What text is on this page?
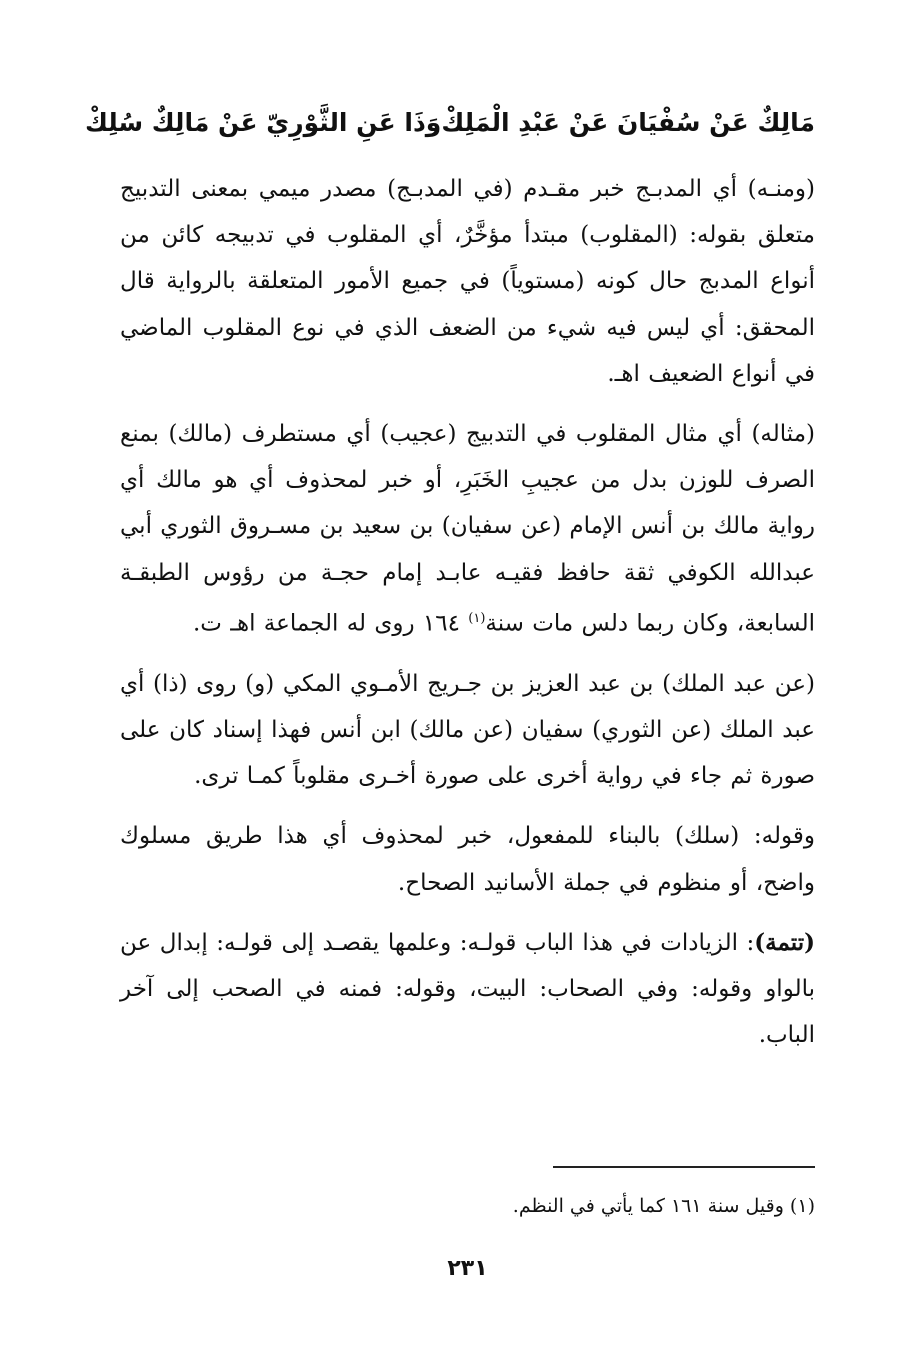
مَالِكٌ عَنْ سُفْيَانَ عَنْ عَبْدِ الْمَلِكْ
وَذَا عَنِ الثَّوْرِيّ عَنْ مَالِكٌ سُلِكْ

(ومنـه) أي المدبـج خبر مقـدم (في المدبـج) مصدر ميمي بمعنى التدبيج متعلق بقوله: (المقلوب) مبتدأ مؤخَّرٌ، أي المقلوب في تدبيجه كائن من أنواع المدبج حال كونه (مستوياً) في جميع الأمور المتعلقة بالرواية قال المحقق: أي ليس فيه شيء من الضعف الذي في نوع المقلوب الماضي في أنواع الضعيف اهـ.

(مثاله) أي مثال المقلوب في التدبيج (عجيب) أي مستطرف (مالك) بمنع الصرف للوزن بدل من عجيبِ الخَبَرِ، أو خبر لمحذوف أي هو مالك أي رواية مالك بن أنس الإمام (عن سفيان) بن سعيد بن مسـروق الثوري أبي عبدالله الكوفي ثقة حافظ فقيـه عابـد إمام حجـة من رؤوس الطبقـة السابعة، وكان ربما دلس مات سنة$^{(١)}$ ١٦٤ روى له الجماعة اهـ ت.

(عن عبد الملك) بن عبد العزيز بن جـريج الأمـوي المكي (و) روى (ذا) أي عبد الملك (عن الثوري) سفيان (عن مالك) ابن أنس فهذا إسناد كان على صورة ثم جاء في رواية أخرى على صورة أخـرى مقلوباً كمـا ترى.

وقوله: (سلك) بالبناء للمفعول، خبر لمحذوف أي هذا طريق مسلوك واضح، أو منظوم في جملة الأسانيد الصحاح.

(تتمة): الزيادات في هذا الباب قولـه: وعلمها يقصـد إلى قولـه: إبدال عن بالواو وقوله: وفي الصحاب: البيت، وقوله: فمنه في الصحب إلى آخر الباب.

(١) وقيل سنة ١٦١ كما يأتي في النظم.
٢٣١
